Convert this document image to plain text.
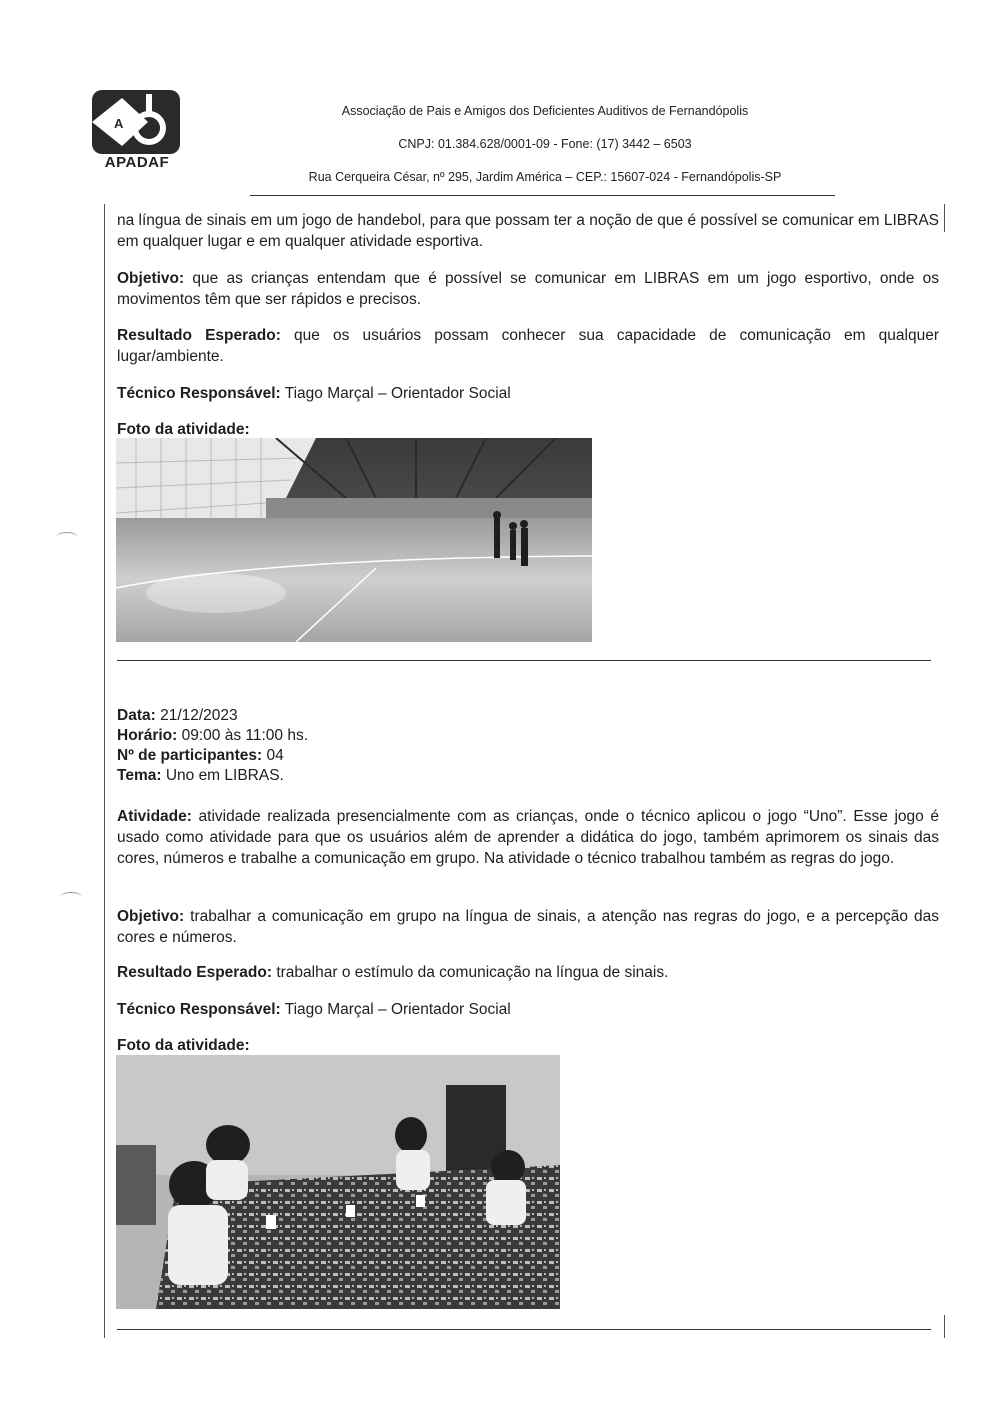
A
APADAF
Associação de Pais e Amigos dos Deficientes Auditivos de Fernandópolis
CNPJ: 01.384.628/0001-09 - Fone: (17) 3442 – 6503
Rua Cerqueira César, nº 295, Jardim América – CEP.: 15607-024 - Fernandópolis-SP
na língua de sinais em um jogo de handebol, para que possam ter a noção de que é possível se comunicar em LIBRAS em qualquer lugar e em qualquer atividade esportiva.
Objetivo: que as crianças entendam que é possível se comunicar em LIBRAS em um jogo esportivo, onde os movimentos têm que ser rápidos e precisos.
Resultado Esperado: que os usuários possam conhecer sua capacidade de comunicação em qualquer lugar/ambiente.
Técnico Responsável: Tiago Marçal – Orientador Social
Foto da atividade:
Data: 21/12/2023
Horário: 09:00 às 11:00 hs.
Nº de participantes: 04
Tema: Uno em LIBRAS.
Atividade: atividade realizada presencialmente com as crianças, onde o técnico aplicou o jogo “Uno”. Esse jogo é usado como atividade para que os usuários além de aprender a didática do jogo, também aprimorem os sinais das cores, números e trabalhe a comunicação em grupo. Na atividade o técnico trabalhou também as regras do jogo.
Objetivo: trabalhar a comunicação em grupo na língua de sinais, a atenção nas regras do jogo, e a percepção das cores e números.
Resultado Esperado: trabalhar o estímulo da comunicação na língua de sinais.
Técnico Responsável: Tiago Marçal – Orientador Social
Foto da atividade:
